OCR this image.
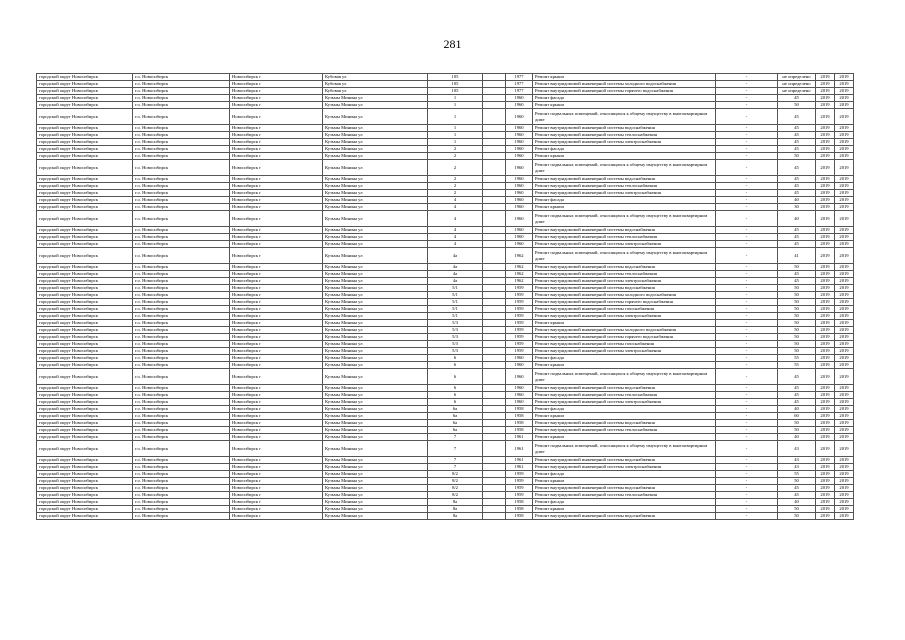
281
городской округ Новосибирск	г.о. Новосибирск	Новосибирск г	Кубовая ул	105		1977	Ремонт крыши	-	не определено	2019	2019
городской округ Новосибирск	г.о. Новосибирск	Новосибирск г	Кубовая ул	105		1977	Ремонт внутридомовой инженерной системы холодного водоснабжения	-	не определено	2019	2019
городской округ Новосибирск	г.о. Новосибирск	Новосибирск г	Кубовая ул	105		1977	Ремонт внутридомовой инженерной системы горячего водоснабжения	-	не определено	2019	2019
городской округ Новосибирск	г.о. Новосибирск	Новосибирск г	Кузьмы Минина ул	1		1960	Ремонт фасада	-	45	2019	2019
городской округ Новосибирск	г.о. Новосибирск	Новосибирск г	Кузьмы Минина ул	1		1960	Ремонт крыши	-	50	2019	2019
городской округ Новосибирск	г.о. Новосибирск	Новосибирск г	Кузьмы Минина ул	1		1960	Ремонт подвальных помещений, относящихся к общему имуществу в многоквартирном доме	-	45	2019	2019
городской округ Новосибирск	г.о. Новосибирск	Новосибирск г	Кузьмы Минина ул	1		1960	Ремонт внутридомовой инженерной системы водоснабжения	-	45	2019	2019
городской округ Новосибирск	г.о. Новосибирск	Новосибирск г	Кузьмы Минина ул	1		1960	Ремонт внутридомовой инженерной системы теплоснабжения	-	45	2019	2019
городской округ Новосибирск	г.о. Новосибирск	Новосибирск г	Кузьмы Минина ул	1		1960	Ремонт внутридомовой инженерной системы электроснабжения	-	45	2019	2019
городской округ Новосибирск	г.о. Новосибирск	Новосибирск г	Кузьмы Минина ул	2		1960	Ремонт фасада	-	45	2019	2019
городской округ Новосибирск	г.о. Новосибирск	Новосибирск г	Кузьмы Минина ул	2		1960	Ремонт крыши	-	50	2019	2019
городской округ Новосибирск	г.о. Новосибирск	Новосибирск г	Кузьмы Минина ул	2		1960	Ремонт подвальных помещений, относящихся к общему имуществу в многоквартирном доме	-	45	2019	2019
городской округ Новосибирск	г.о. Новосибирск	Новосибирск г	Кузьмы Минина ул	2		1960	Ремонт внутридомовой инженерной системы водоснабжения	-	45	2019	2019
городской округ Новосибирск	г.о. Новосибирск	Новосибирск г	Кузьмы Минина ул	2		1960	Ремонт внутридомовой инженерной системы теплоснабжения	-	45	2019	2019
городской округ Новосибирск	г.о. Новосибирск	Новосибирск г	Кузьмы Минина ул	2		1960	Ремонт внутридомовой инженерной системы электроснабжения	-	45	2019	2019
городской округ Новосибирск	г.о. Новосибирск	Новосибирск г	Кузьмы Минина ул	4		1960	Ремонт фасада	-	40	2019	2019
городской округ Новосибирск	г.о. Новосибирск	Новосибирск г	Кузьмы Минина ул	4		1960	Ремонт крыши	-	30	2019	2019
городской округ Новосибирск	г.о. Новосибирск	Новосибирск г	Кузьмы Минина ул	4		1960	Ремонт подвальных помещений, относящихся к общему имуществу в многоквартирном доме	-	40	2019	2019
городской округ Новосибирск	г.о. Новосибирск	Новосибирск г	Кузьмы Минина ул	4		1960	Ремонт внутридомовой инженерной системы водоснабжения	-	45	2019	2019
городской округ Новосибирск	г.о. Новосибирск	Новосибирск г	Кузьмы Минина ул	4		1960	Ремонт внутридомовой инженерной системы теплоснабжения	-	45	2019	2019
городской округ Новосибирск	г.о. Новосибирск	Новосибирск г	Кузьмы Минина ул	4		1960	Ремонт внутридомовой инженерной системы электроснабжения	-	45	2019	2019
городской округ Новосибирск	г.о. Новосибирск	Новосибирск г	Кузьмы Минина ул	4а		1962	Ремонт подвальных помещений, относящихся к общему имуществу в многоквартирном доме	-	41	2019	2019
городской округ Новосибирск	г.о. Новосибирск	Новосибирск г	Кузьмы Минина ул	4а		1962	Ремонт внутридомовой инженерной системы водоснабжения	-	50	2019	2019
городской округ Новосибирск	г.о. Новосибирск	Новосибирск г	Кузьмы Минина ул	4а		1962	Ремонт внутридомовой инженерной системы теплоснабжения	-	45	2019	2019
городской округ Новосибирск	г.о. Новосибирск	Новосибирск г	Кузьмы Минина ул	4а		1962	Ремонт внутридомовой инженерной системы электроснабжения	-	45	2019	2019
городской округ Новосибирск	г.о. Новосибирск	Новосибирск г	Кузьмы Минина ул	5/1		1959	Ремонт внутридомовой инженерной системы водоснабжения	-	50	2019	2019
городской округ Новосибирск	г.о. Новосибирск	Новосибирск г	Кузьмы Минина ул	5/1		1959	Ремонт внутридомовой инженерной системы холодного водоснабжения	-	50	2019	2019
городской округ Новосибирск	г.о. Новосибирск	Новосибирск г	Кузьмы Минина ул	5/1		1959	Ремонт внутридомовой инженерной системы горячего водоснабжения	-	50	2019	2019
городской округ Новосибирск	г.о. Новосибирск	Новосибирск г	Кузьмы Минина ул	5/1		1959	Ремонт внутридомовой инженерной системы газоснабжения	-	50	2019	2019
городской округ Новосибирск	г.о. Новосибирск	Новосибирск г	Кузьмы Минина ул	5/1		1959	Ремонт внутридомовой инженерной системы электроснабжения	-	50	2019	2019
городской округ Новосибирск	г.о. Новосибирск	Новосибирск г	Кузьмы Минина ул	5/3		1959	Ремонт крыши	-	50	2019	2019
городской округ Новосибирск	г.о. Новосибирск	Новосибирск г	Кузьмы Минина ул	5/3		1959	Ремонт внутридомовой инженерной системы холодного водоснабжения	-	50	2019	2019
городской округ Новосибирск	г.о. Новосибирск	Новосибирск г	Кузьмы Минина ул	5/3		1959	Ремонт внутридомовой инженерной системы горячего водоснабжения	-	50	2019	2019
городской округ Новосибирск	г.о. Новосибирск	Новосибирск г	Кузьмы Минина ул	5/3		1959	Ремонт внутридомовой инженерной системы газоснабжения	-	50	2019	2019
городской округ Новосибирск	г.о. Новосибирск	Новосибирск г	Кузьмы Минина ул	5/3		1959	Ремонт внутридомовой инженерной системы электроснабжения	-	50	2019	2019
городской округ Новосибирск	г.о. Новосибирск	Новосибирск г	Кузьмы Минина ул	6		1960	Ремонт фасада	-	55	2019	2019
городской округ Новосибирск	г.о. Новосибирск	Новосибирск г	Кузьмы Минина ул	6		1960	Ремонт крыши	-	55	2019	2019
городской округ Новосибирск	г.о. Новосибирск	Новосибирск г	Кузьмы Минина ул	6		1960	Ремонт подвальных помещений, относящихся к общему имуществу в многоквартирном доме	-	45	2019	2019
городской округ Новосибирск	г.о. Новосибирск	Новосибирск г	Кузьмы Минина ул	6		1960	Ремонт внутридомовой инженерной системы водоснабжения	-	45	2019	2019
городской округ Новосибирск	г.о. Новосибирск	Новосибирск г	Кузьмы Минина ул	6		1960	Ремонт внутридомовой инженерной системы теплоснабжения	-	45	2019	2019
городской округ Новосибирск	г.о. Новосибирск	Новосибирск г	Кузьмы Минина ул	6		1960	Ремонт внутридомовой инженерной системы электроснабжения	-	45	2019	2019
городской округ Новосибирск	г.о. Новосибирск	Новосибирск г	Кузьмы Минина ул	6а		1958	Ремонт фасада	-	40	2019	2019
городской округ Новосибирск	г.о. Новосибирск	Новосибирск г	Кузьмы Минина ул	6а		1958	Ремонт крыши	-	60	2019	2019
городской округ Новосибирск	г.о. Новосибирск	Новосибирск г	Кузьмы Минина ул	6а		1958	Ремонт внутридомовой инженерной системы водоснабжения	-	50	2019	2019
городской округ Новосибирск	г.о. Новосибирск	Новосибирск г	Кузьмы Минина ул	6а		1958	Ремонт внутридомовой инженерной системы теплоснабжения	-	50	2019	2019
городской округ Новосибирск	г.о. Новосибирск	Новосибирск г	Кузьмы Минина ул	7		1961	Ремонт крыши	-	40	2019	2019
городской округ Новосибирск	г.о. Новосибирск	Новосибирск г	Кузьмы Минина ул	7		1961	Ремонт подвальных помещений, относящихся к общему имуществу в многоквартирном доме	-	43	2019	2019
городской округ Новосибирск	г.о. Новосибирск	Новосибирск г	Кузьмы Минина ул	7		1961	Ремонт внутридомовой инженерной системы водоснабжения	-	43	2019	2019
городской округ Новосибирск	г.о. Новосибирск	Новосибирск г	Кузьмы Минина ул	7		1961	Ремонт внутридомовой инженерной системы электроснабжения	-	43	2019	2019
городской округ Новосибирск	г.о. Новосибирск	Новосибирск г	Кузьмы Минина ул	8/2		1959	Ремонт фасада	-	55	2019	2019
городской округ Новосибирск	г.о. Новосибирск	Новосибирск г	Кузьмы Минина ул	8/2		1959	Ремонт крыши	-	50	2019	2019
городской округ Новосибирск	г.о. Новосибирск	Новосибирск г	Кузьмы Минина ул	8/2		1959	Ремонт внутридомовой инженерной системы водоснабжения	-	45	2019	2019
городской округ Новосибирск	г.о. Новосибирск	Новосибирск г	Кузьмы Минина ул	8/2		1959	Ремонт внутридомовой инженерной системы теплоснабжения	-	45	2019	2019
городской округ Новосибирск	г.о. Новосибирск	Новосибирск г	Кузьмы Минина ул	8а		1958	Ремонт фасада	-	40	2019	2019
городской округ Новосибирск	г.о. Новосибирск	Новосибирск г	Кузьмы Минина ул	8а		1958	Ремонт крыши	-	50	2019	2019
городской округ Новосибирск	г.о. Новосибирск	Новосибирск г	Кузьмы Минина ул	8а		1958	Ремонт внутридомовой инженерной системы водоснабжения	-	50	2019	2019
